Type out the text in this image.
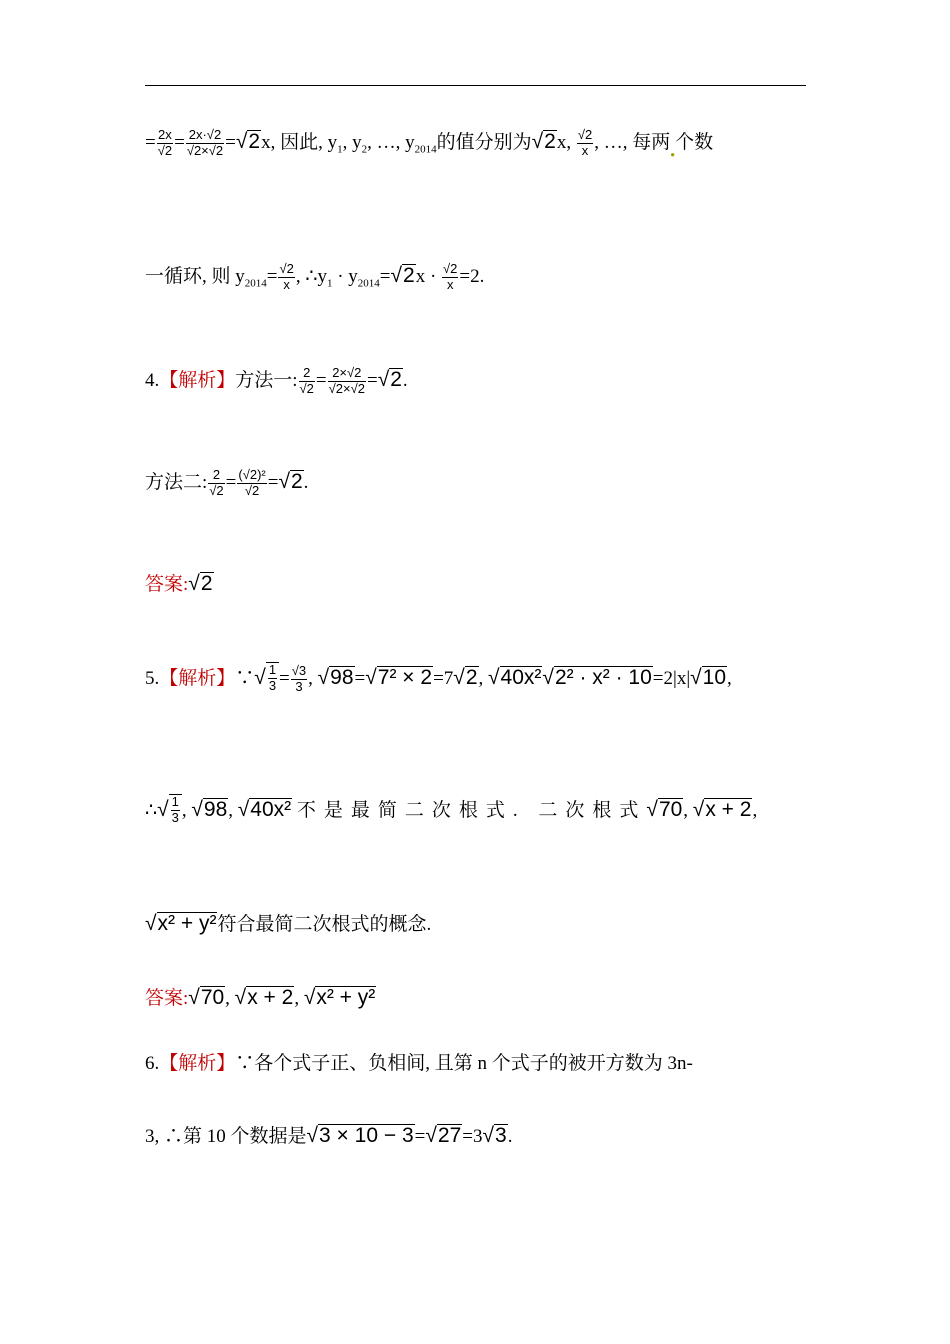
= $\frac{2x}{√2} = \frac{2x\cdot√2}{√2\times√2} =√2x$, 因此, $y_1$, $y_2$, …, $y_{2014}$的值分别为√2x, $\frac{√2}{x}$ , …, 每两●个数
一循环, 则 $y_{2014}= \frac{√2}{x}$ , $\therefore y_1 \cdot y_{2014}=√2x \cdot \frac{√2}{x} =2$.
4.【解析】方法一: $\frac{2}{√2} = \frac{2\times√2}{√2\times√2} =√2$.
方法二: $\frac{2}{√2} = \frac{\text{(√2)²}}{√2} =√2$.
答案:√2
5.【解析】∵√ $\frac{1}{3} = \frac{√3}{3}$ , √98=√7² × 2=7√2, √40x²√2² · x² · 10=2|x|√10,
∴√ $\frac{1}{3}$ , √98, √40x² 不是最简二次根式. 二次根式√70, √x + 2,
√x² + y²符合最简二次根式的概念.
答案:√70, √x + 2, √x² + y²
6.【解析】∵各个式子正、负相间, 且第 n 个式子的被开方数为 3n-
3, ∴第 10 个数据是√3 × 10 − 3=√27=3√3.
